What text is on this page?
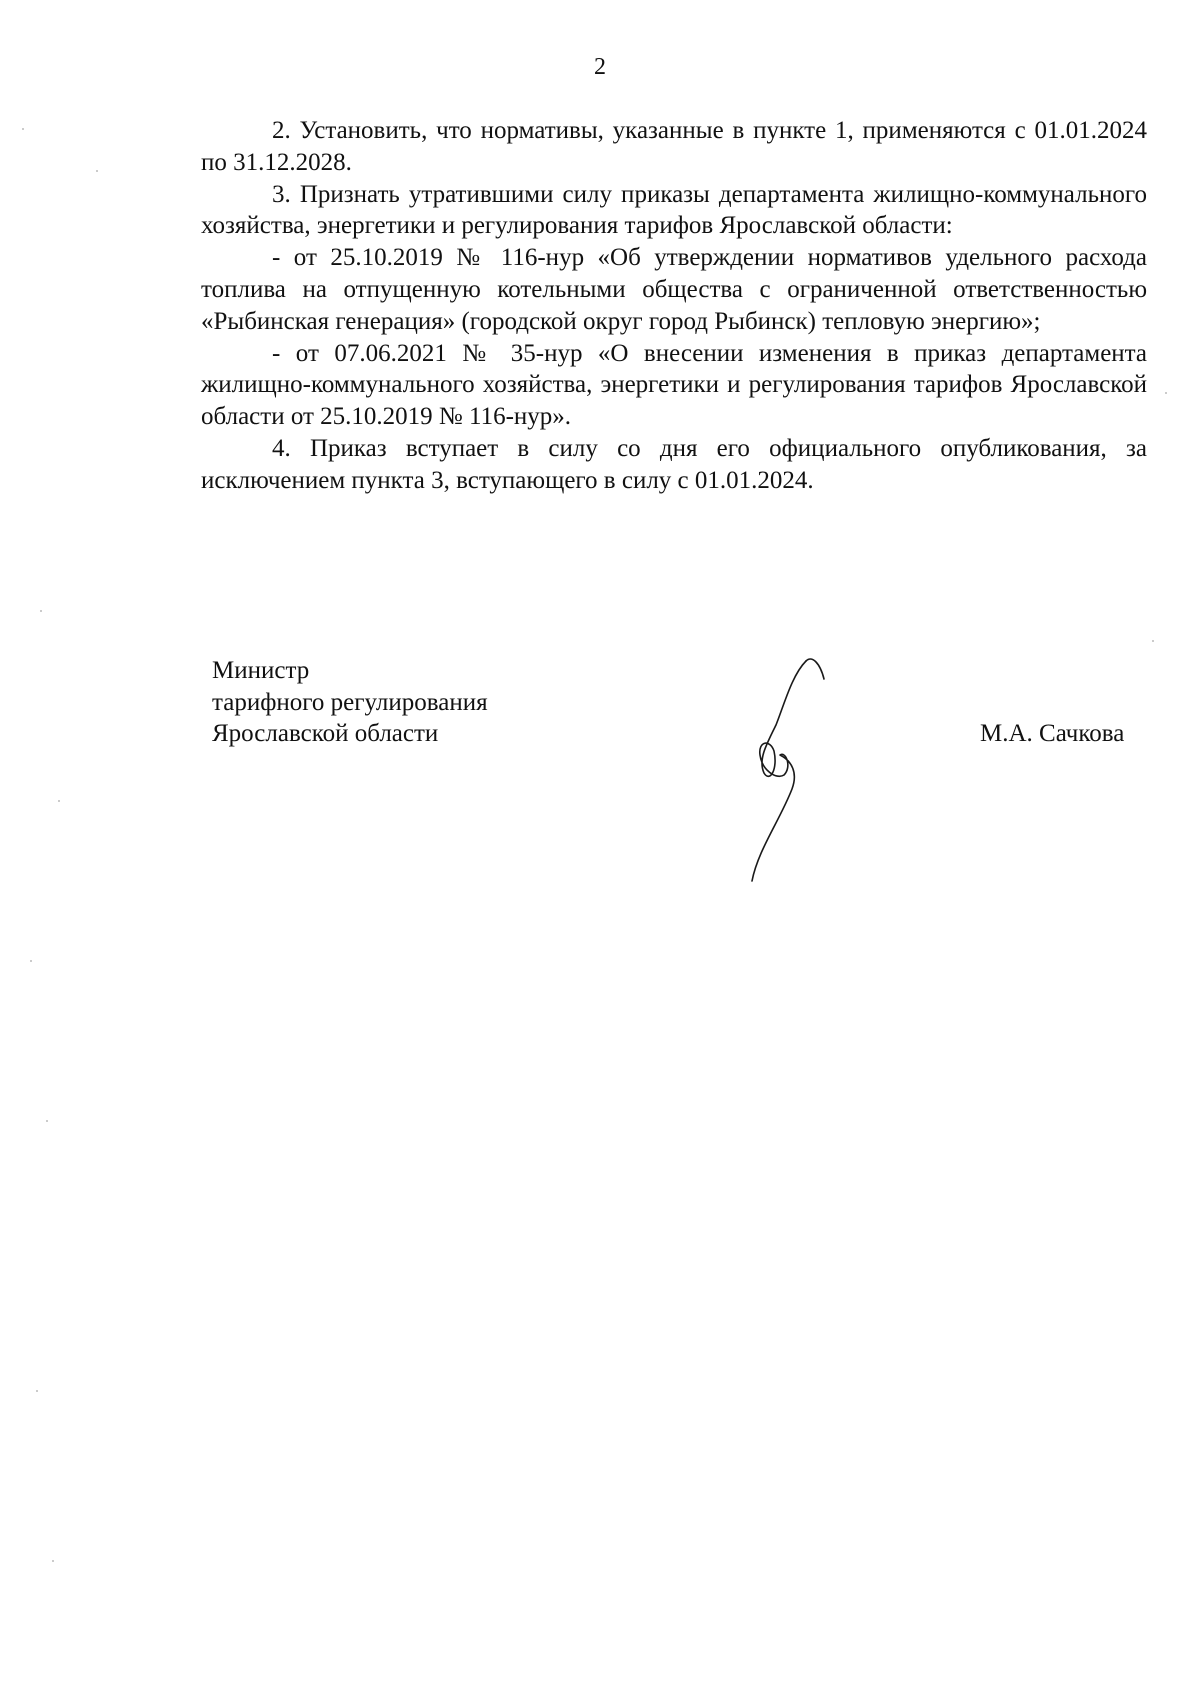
2

2. Установить, что нормативы, указанные в пункте 1, применяются с 01.01.2024 по 31.12.2028.

3. Признать утратившими силу приказы департамента жилищно-коммунального хозяйства, энергетики и регулирования тарифов Ярославской области:

- от 25.10.2019 № 116-нур «Об утверждении нормативов удельного расхода топлива на отпущенную котельными общества с ограниченной ответственностью «Рыбинская генерация» (городской округ город Рыбинск) тепловую энергию»;

- от 07.06.2021 № 35-нур «О внесении изменения в приказ департамента жилищно-коммунального хозяйства, энергетики и регулирования тарифов Ярославской области от 25.10.2019 № 116-нур».

4. Приказ вступает в силу со дня его официального опубликования, за исключением пункта 3, вступающего в силу с 01.01.2024.

Министр
тарифного регулирования
Ярославской области	М.А. Сачкова
